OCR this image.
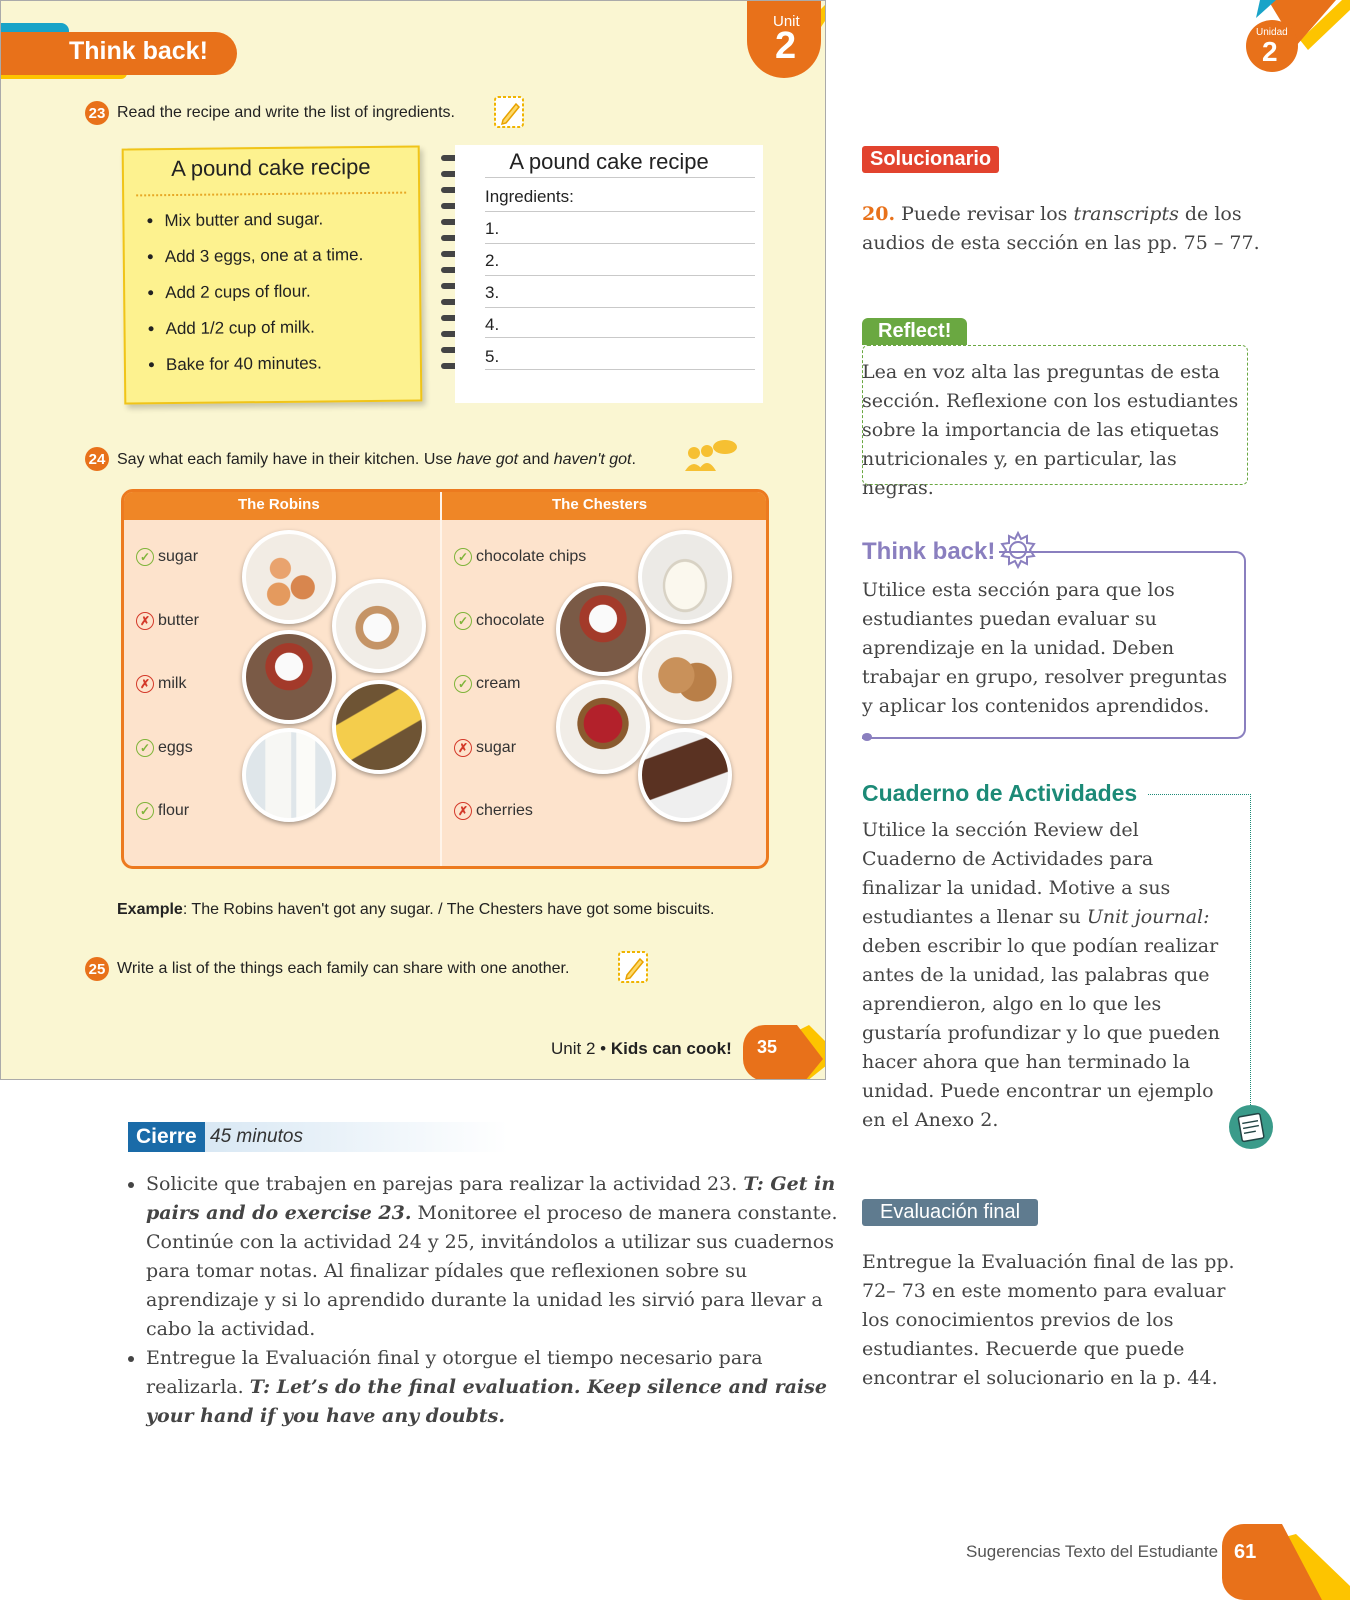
Think back!
Unit
2
23 Read the recipe and write the list of ingredients.
A pound cake recipe
• Mix butter and sugar.
• Add 3 eggs, one at a time.
• Add 2 cups of flour.
• Add 1/2 cup of milk.
• Bake for 40 minutes.
A pound cake recipe
Ingredients:
1.
2.
3.
4.
5.
24 Say what each family have in their kitchen. Use have got and haven't got.
The Robins	The Chesters
✓ sugar
✗ butter
✗ milk
✓ eggs
✓ flour
✓ chocolate chips
✓ chocolate
✓ cream
✗ sugar
✗ cherries
Example: The Robins haven't got any sugar. / The Chesters have got some biscuits.
25 Write a list of the things each family can share with one another.
Unit 2 • Kids can cook! 35
Unidad
2
Solucionario
20. Puede revisar los transcripts de los audios de esta sección en las pp. 75 – 77.
Reflect!
Lea en voz alta las preguntas de esta sección. Reflexione con los estudiantes sobre la importancia de las etiquetas nutricionales y, en particular, las negras.
Think back!
Utilice esta sección para que los estudiantes puedan evaluar su aprendizaje en la unidad. Deben trabajar en grupo, resolver preguntas y aplicar los contenidos aprendidos.
Cuaderno de Actividades
Utilice la sección Review del Cuaderno de Actividades para finalizar la unidad. Motive a sus estudiantes a llenar su Unit journal: deben escribir lo que podían realizar antes de la unidad, las palabras que aprendieron, algo en lo que les gustaría profundizar y lo que pueden hacer ahora que han terminado la unidad. Puede encontrar un ejemplo en el Anexo 2.
Evaluación final
Entregue la Evaluación final de las pp. 72– 73 en este momento para evaluar los conocimientos previos de los estudiantes. Recuerde que puede encontrar el solucionario en la p. 44.
Cierre 45 minutos
• Solicite que trabajen en parejas para realizar la actividad 23. T: Get in pairs and do exercise 23. Monitoree el proceso de manera constante. Continúe con la actividad 24 y 25, invitándolos a utilizar sus cuadernos para tomar notas. Al finalizar pídales que reflexionen sobre su aprendizaje y si lo aprendido durante la unidad les sirvió para llevar a cabo la actividad.
• Entregue la Evaluación final y otorgue el tiempo necesario para realizarla. T: Let’s do the final evaluation. Keep silence and raise your hand if you have any doubts.
Sugerencias Texto del Estudiante 61
